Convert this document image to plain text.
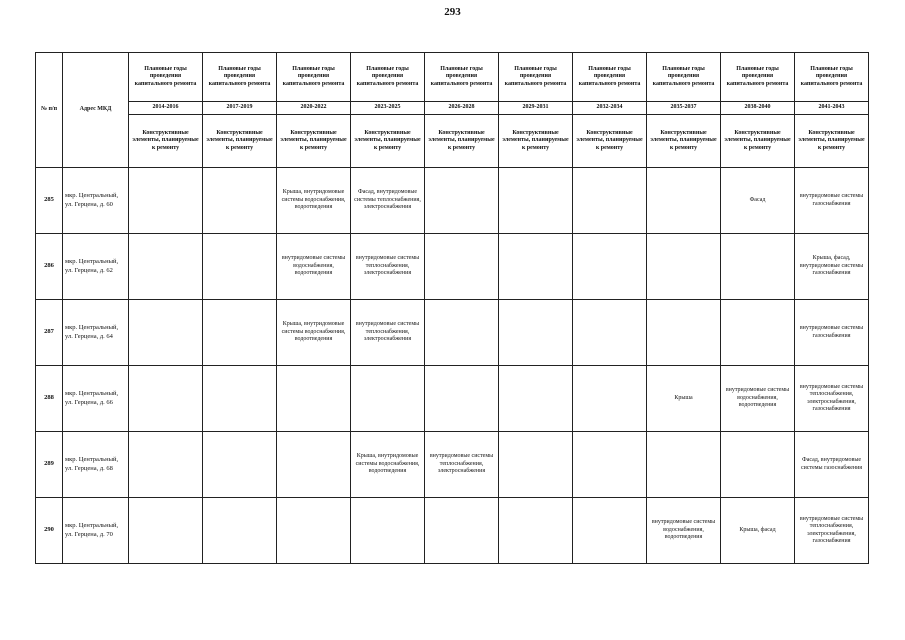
293
№ п/п	Адрес МКД	Плановые годы проведения капитального ремонта	Плановые годы проведения капитального ремонта	Плановые годы проведения капитального ремонта	Плановые годы проведения капитального ремонта	Плановые годы проведения капитального ремонта	Плановые годы проведения капитального ремонта	Плановые годы проведения капитального ремонта	Плановые годы проведения капитального ремонта	Плановые годы проведения капитального ремонта	Плановые годы проведения капитального ремонта
		2014-2016	2017-2019	2020-2022	2023-2025	2026-2028	2029-2031	2032-2034	2035-2037	2038-2040	2041-2043
		Конструктивные элементы, планируемые к ремонту	Конструктивные элементы, планируемые к ремонту	Конструктивные элементы, планируемые к ремонту	Конструктивные элементы, планируемые к ремонту	Конструктивные элементы, планируемые к ремонту	Конструктивные элементы, планируемые к ремонту	Конструктивные элементы, планируемые к ремонту	Конструктивные элементы, планируемые к ремонту	Конструктивные элементы, планируемые к ремонту	Конструктивные элементы, планируемые к ремонту
285	мкр. Центральный, ул. Герцена, д. 60			Крыша, внутридомовые системы водоснабжения, водоотведения	Фасад, внутридомовые системы теплоснабжения, электроснабжения					Фасад	внутридомовые системы газоснабжения
286	мкр. Центральный, ул. Герцена, д. 62			внутридомовые системы водоснабжения, водоотведения	внутридомовые системы теплоснабжения, электроснабжения						Крыша, фасад, внутридомовые системы газоснабжения
287	мкр. Центральный, ул. Герцена, д. 64			Крыша, внутридомовые системы водоснабжения, водоотведения	внутридомовые системы теплоснабжения, электроснабжения						внутридомовые системы газоснабжения
288	мкр. Центральный, ул. Герцена, д. 66								Крыша	внутридомовые системы водоснабжения, водоотведения	внутридомовые системы теплоснабжения, электроснабжения, газоснабжения
289	мкр. Центральный, ул. Герцена, д. 68				Крыша, внутридомовые системы водоснабжения, водоотведения	внутридомовые системы теплоснабжения, электроснабжения					Фасад, внутридомовые системы газоснабжения
290	мкр. Центральный, ул. Герцена, д. 70								внутридомовые системы водоснабжения, водоотведения	Крыша, фасад	внутридомовые системы теплоснабжения, электроснабжения, газоснабжения
